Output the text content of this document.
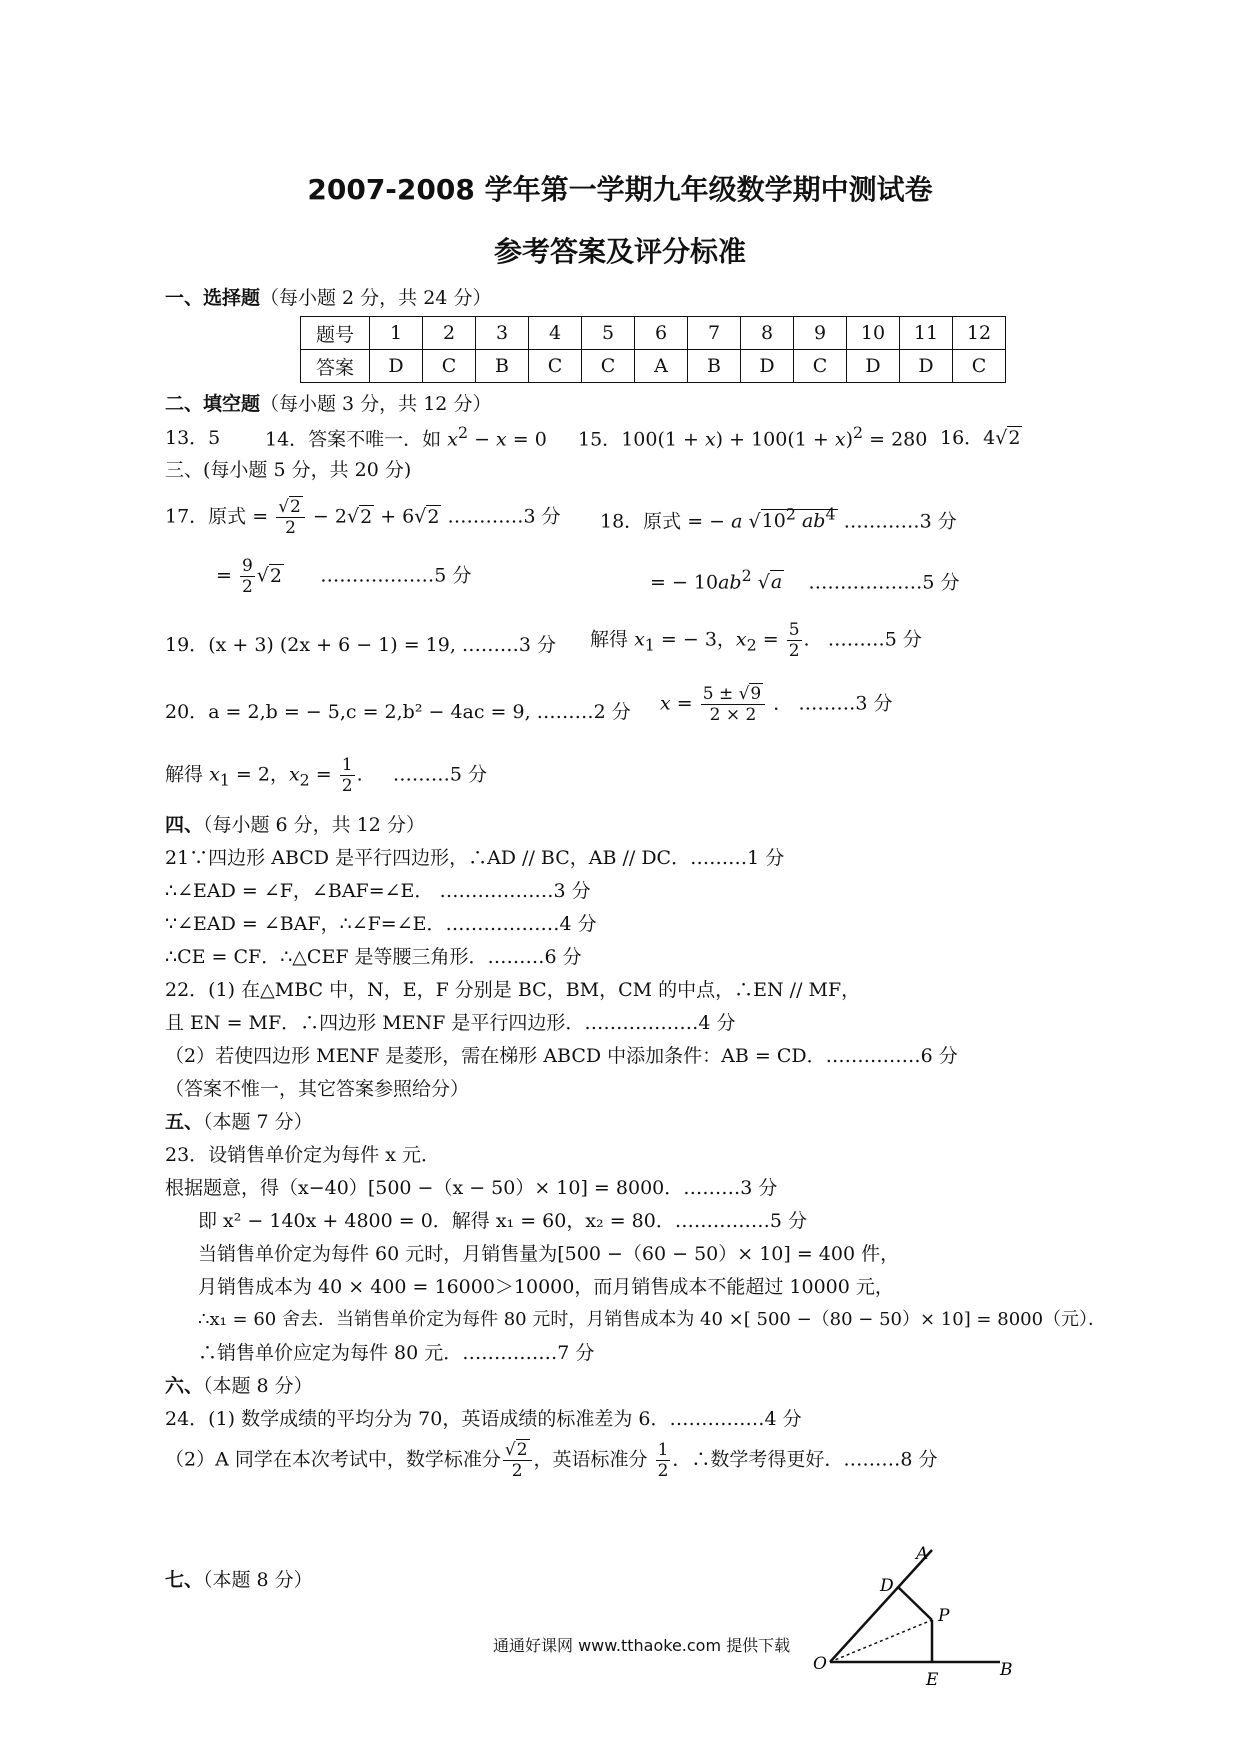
2007-2008 学年第一学期九年级数学期中测试卷
参考答案及评分标准
一、选择题（每小题 2 分，共 24 分）
题号	1	2	3	4	5	6	7	8	9	10	11	12
答案	D	C	B	C	C	A	B	D	C	D	D	C
二、填空题（每小题 3 分，共 12 分）
13．5 14．答案不唯一．如 $x^2 - x = 0$ 15．$100(1 + x) + 100(1 + x)^2 = 280$ 16．4√2
三、(每小题 5 分，共 20 分)
17．原式 = $\frac{√2}{2} - 2√2 + 6√2$ …………3 分
= $\frac{9}{2} √2$ ………………5 分
18．原式 = − a $√10^2$ $ab^4$ …………3 分
= − $10ab^2$ √a ………………5 分
19．(x + 3) (2x + 6 − 1) = 19, ………3 分 解得 $x_1$ = − 3，$x_2 = \frac{5}{2}$ .   ………5 分
20．a = 2,b = − 5,c = 2,b² − 4ac = 9, ………2 分 $x = \frac{5 \pm √9}{2 \times 2}$ ． ………3 分
解得 $x_1 = 2$，$x_2 = \frac{1}{2}$ .     ………5 分
四、（每小题 6 分，共 12 分）
21∵四边形 ABCD 是平行四边形，∴AD // BC，AB // DC．………1 分
∴∠EAD = ∠F，∠BAF=∠E． ………………3 分
∵∠EAD = ∠BAF，∴∠F=∠E．………………4 分
∴CE = CF．∴△CEF 是等腰三角形．………6 分
22．(1) 在△MBC 中，N，E，F 分别是 BC，BM，CM 的中点，∴EN // MF，
且 EN = MF．∴四边形 MENF 是平行四边形．………………4 分
（2）若使四边形 MENF 是菱形，需在梯形 ABCD 中添加条件：AB = CD．……………6 分
（答案不惟一，其它答案参照给分）
五、（本题 7 分）
23．设销售单价定为每件 x 元．
根据题意，得（x−40）[500 −（x − 50）× 10] = 8000．………3 分
即 x² − 140x + 4800 = 0．解得 x₁ = 60，x₂ = 80．……………5 分
当销售单价定为每件 60 元时，月销售量为[500 −（60 − 50）× 10] = 400 件，
月销售成本为 40 × 400 = 16000＞10000，而月销售成本不能超过 10000 元，
∴x₁ = 60 舍去．当销售单价定为每件 80 元时，月销售成本为 40 ×[ 500 −（80 − 50）× 10] = 8000（元）．
∴销售单价应定为每件 80 元．……………7 分
六、（本题 8 分）
24．(1) 数学成绩的平均分为 70，英语成绩的标准差为 6．……………4 分
（2）A 同学在本次考试中，数学标准分 $\frac{√2}{2}$ ，英语标准分 $\frac{1}{2}$ ．∴数学考得更好．………8 分
七、（本题 8 分）
通通好课网 www.tthaoke.com 提供下载
A
D
P
O
E	B
